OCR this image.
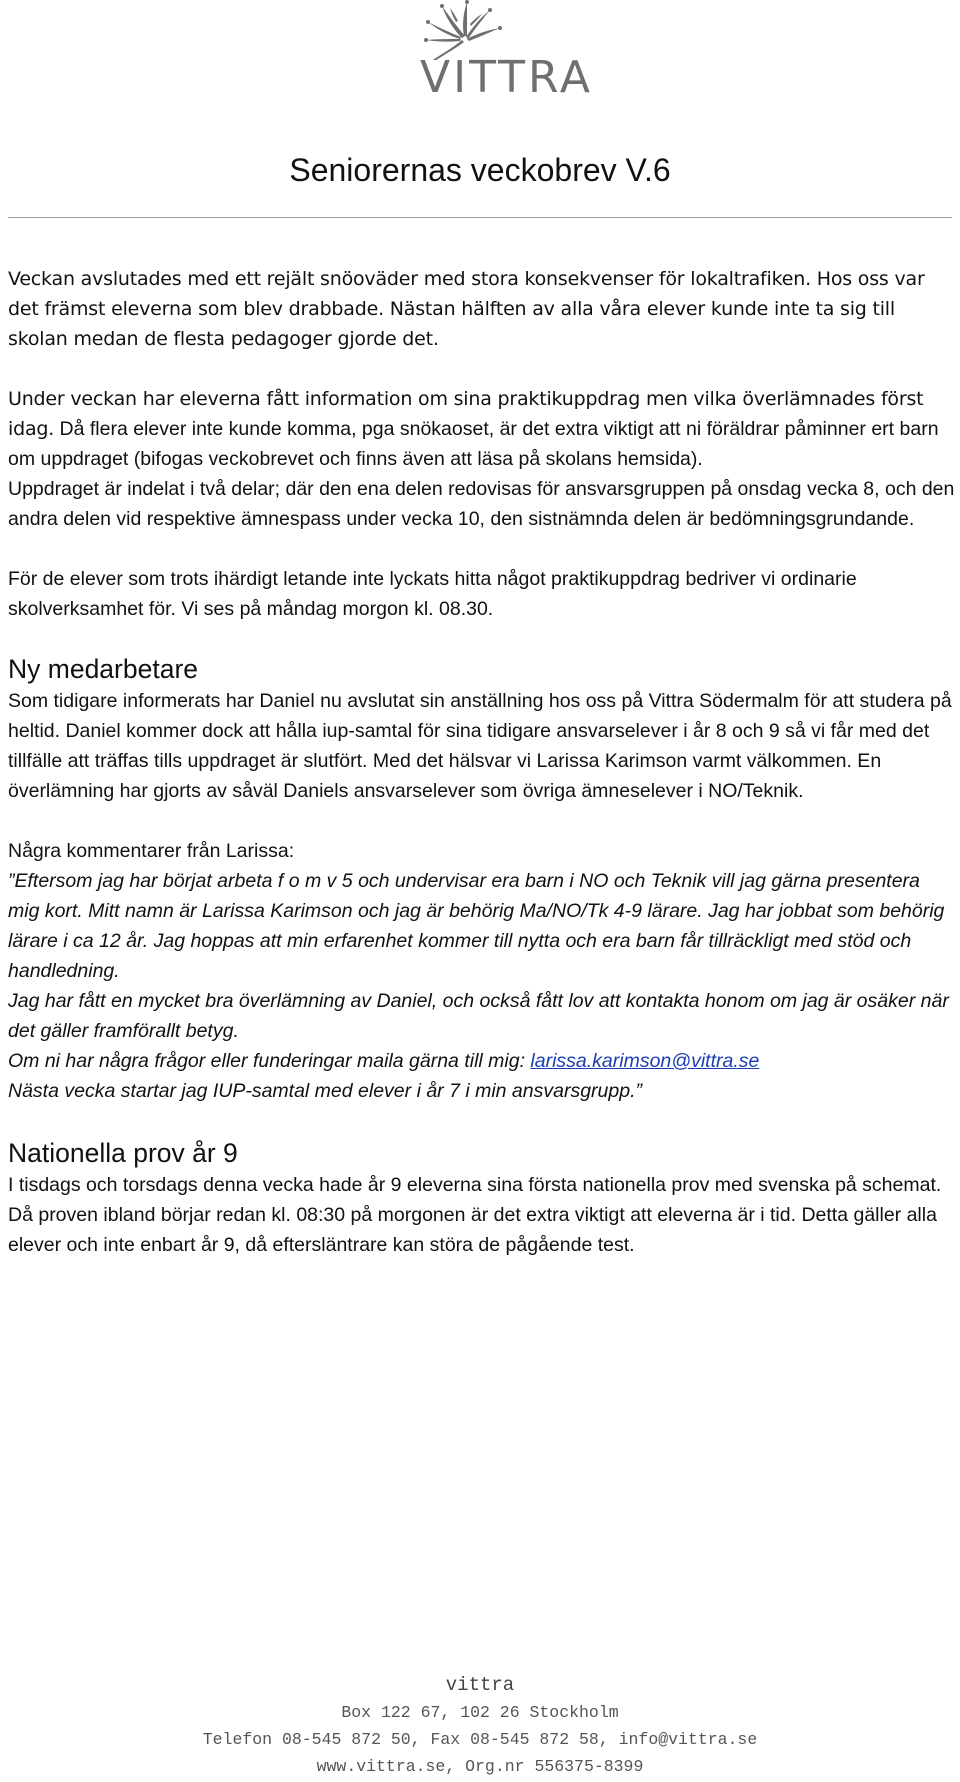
VITTRA
Seniorernas veckobrev V.6

Veckan avslutades med ett rejält snöoväder med stora konsekvenser för lokaltrafiken. Hos oss var det främst eleverna som blev drabbade. Nästan hälften av alla våra elever kunde inte ta sig till skolan medan de flesta pedagoger gjorde det.

Under veckan har eleverna fått information om sina praktikuppdrag men vilka överlämnades först idag. Då flera elever inte kunde komma, pga snökaoset, är det extra viktigt att ni föräldrar påminner ert barn om uppdraget (bifogas veckobrevet och finns även att läsa på skolans hemsida).

Uppdraget är indelat i två delar; där den ena delen redovisas för ansvarsgruppen på onsdag vecka 8, och den andra delen vid respektive ämnespass under vecka 10, den sistnämnda delen är bedömningsgrundande.

För de elever som trots ihärdigt letande inte lyckats hitta något praktikuppdrag bedriver vi ordinarie skolverksamhet för. Vi ses på måndag morgon kl. 08.30.

Ny medarbetare

Som tidigare informerats har Daniel nu avslutat sin anställning hos oss på Vittra Södermalm för att studera på heltid. Daniel kommer dock att hålla iup-samtal för sina tidigare ansvarselever i år 8 och 9 så vi får med det tillfälle att träffas tills uppdraget är slutfört. Med det hälsvar vi Larissa Karimson varmt välkommen. En överlämning har gjorts av såväl Daniels ansvarselever som övriga ämneselever i NO/Teknik.

Några kommentarer från Larissa:

”Eftersom jag har börjat arbeta f o m v 5 och undervisar era barn i NO och Teknik vill jag gärna presentera mig kort. Mitt namn är Larissa Karimson och jag är behörig Ma/NO/Tk 4-9 lärare. Jag har jobbat som behörig lärare i ca 12 år. Jag hoppas att min erfarenhet kommer till nytta och era barn får tillräckligt med stöd och handledning.

Jag har fått en mycket bra överlämning av Daniel, och också fått lov att kontakta honom om jag är osäker när det gäller framförallt betyg.

Om ni har några frågor eller funderingar maila gärna till mig: larissa.karimson@vittra.se

Nästa vecka startar jag IUP-samtal med elever i år 7 i min ansvarsgrupp.”

Nationella prov år 9

I tisdags och torsdags denna vecka hade år 9 eleverna sina första nationella prov med svenska på schemat. Då proven ibland börjar redan kl. 08:30 på morgonen är det extra viktigt att eleverna är i tid. Detta gäller alla elever och inte enbart år 9, då eftersläntrare kan störa de pågående test.

vittra
Box 122 67, 102 26 Stockholm
Telefon 08-545 872 50, Fax 08-545 872 58, info@vittra.se
www.vittra.se, Org.nr 556375-8399
